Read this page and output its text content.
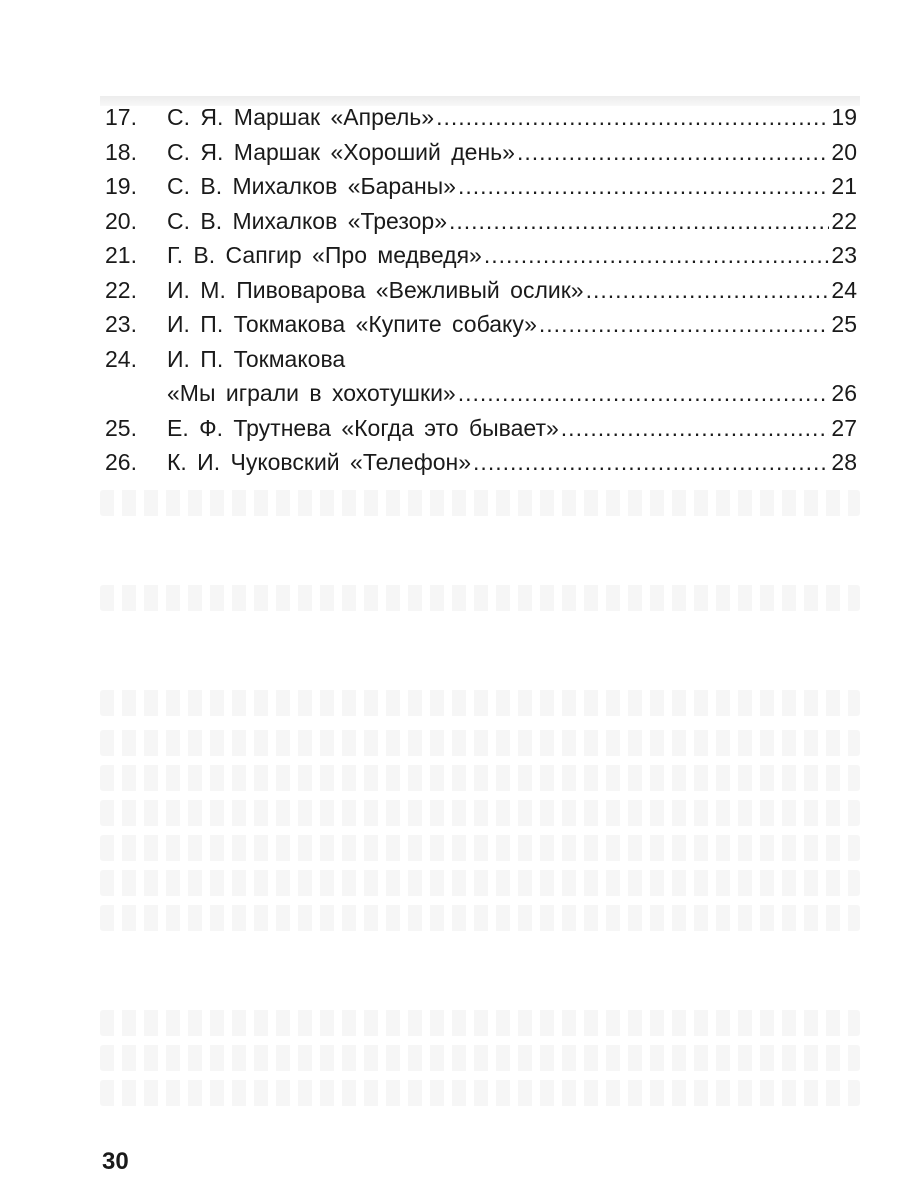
17.	С. Я. Маршак «Апрель» .....	19
18.	С. Я. Маршак «Хороший день» .....	20
19.	С. В. Михалков «Бараны» .....	21
20.	С. В. Михалков «Трезор» .....	22
21.	Г. В. Сапгир «Про медведя» .....	23
22.	И. М. Пивоварова «Вежливый ослик» .....	24
23.	И. П. Токмакова «Купите собаку» .....	25
24.	И. П. Токмакова
«Мы играли в хохотушки» .....	26
25.	Е. Ф. Трутнева «Когда это бывает» .....	27
26.	К. И. Чуковский «Телефон» .....	28
30
